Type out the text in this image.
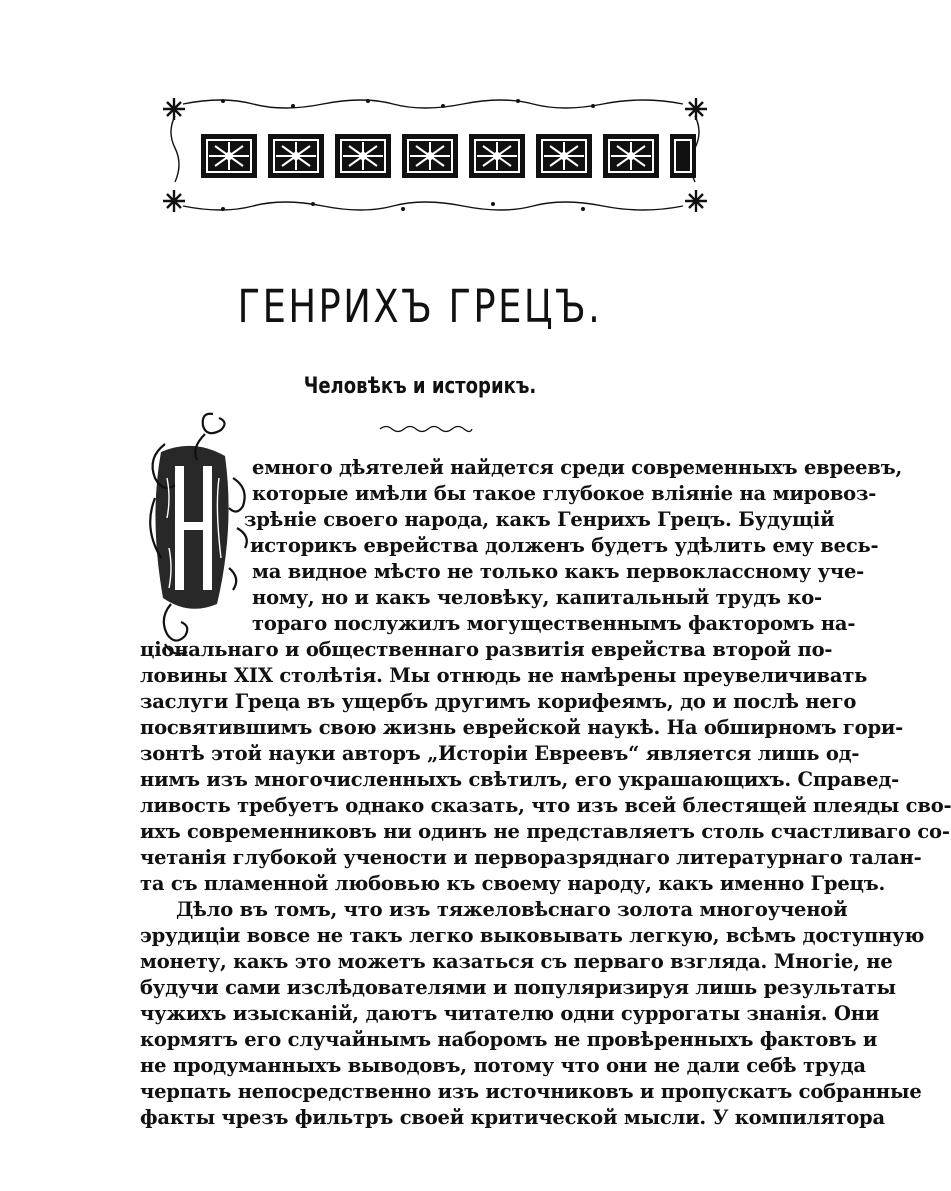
ГЕНРИХЪ ГРЕЦЪ.
Человѣкъ и историкъ.
емного дѣятелей найдется среди современныхъ евреевъ,
которые имѣли бы такое глубокое вліяніе на мировоз-
зрѣніе своего народа, какъ Генрихъ Грецъ. Будущій
историкъ еврейства долженъ будетъ удѣлить ему весь-
ма видное мѣсто не только какъ первоклассному уче-
ному, но и какъ человѣку, капитальный трудъ ко-
тораго послужилъ могущественнымъ факторомъ на-
ціональнаго и общественнаго развитія еврейства второй по-
ловины XIX столѣтія. Мы отнюдь не намѣрены преувеличивать
заслуги Греца въ ущербъ другимъ корифеямъ, до и послѣ него
посвятившимъ свою жизнь еврейской наукѣ. На обширномъ гори-
зонтѣ этой науки авторъ „Исторіи Евреевъ“ является лишь од-
нимъ изъ многочисленныхъ свѣтилъ, его украшающихъ. Справед-
ливость требуетъ однако сказать, что изъ всей блестящей плеяды сво-
ихъ современниковъ ни одинъ не представляетъ столь счастливаго со-
четанія глубокой учености и перворазряднаго литературнаго талан-
та съ пламенной любовью къ своему народу, какъ именно Грецъ.
Дѣло въ томъ, что изъ тяжеловѣснаго золота многоученой
эрудиціи вовсе не такъ легко выковывать легкую, всѣмъ доступную
монету, какъ это можетъ казаться съ перваго взгляда. Многіе, не
будучи сами изслѣдователями и популяризируя лишь результаты
чужихъ изысканій, даютъ читателю одни суррогаты знанія. Они
кормятъ его случайнымъ наборомъ не провѣренныхъ фактовъ и
не продуманныхъ выводовъ, потому что они не дали себѣ труда
черпать непосредственно изъ источниковъ и пропускатъ собранные
факты чрезъ фильтръ своей критической мысли. У компилятора
